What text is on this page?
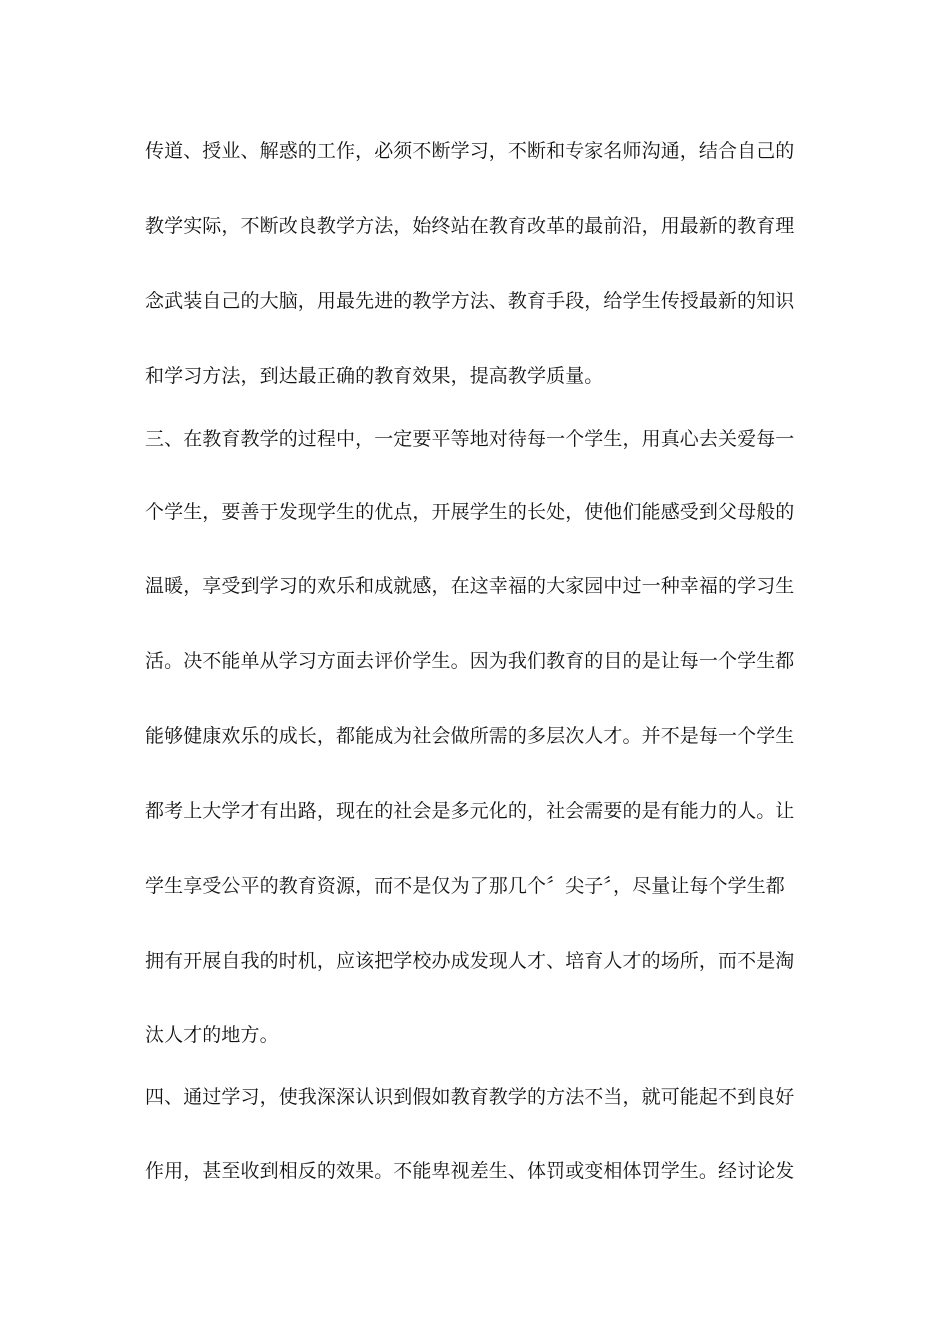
传道、授业、解惑的工作，必须不断学习，不断和专家名师沟通，结合自己的
教学实际，不断改良教学方法，始终站在教育改革的最前沿，用最新的教育理
念武装自己的大脑，用最先进的教学方法、教育手段，给学生传授最新的知识
和学习方法，到达最正确的教育效果，提高教学质量。
三、在教育教学的过程中，一定要平等地对待每一个学生，用真心去关爱每一
个学生，要善于发现学生的优点，开展学生的长处，使他们能感受到父母般的
温暖，享受到学习的欢乐和成就感，在这幸福的大家园中过一种幸福的学习生
活。决不能单从学习方面去评价学生。因为我们教育的目的是让每一个学生都
能够健康欢乐的成长，都能成为社会做所需的多层次人才。并不是每一个学生
都考上大学才有出路，现在的社会是多元化的，社会需要的是有能力的人。让
学生享受公平的教育资源，而不是仅为了那几个〞尖子〞，尽量让每个学生都
拥有开展自我的时机，应该把学校办成发现人才、培育人才的场所，而不是淘
汰人才的地方。
四、通过学习，使我深深认识到假如教育教学的方法不当，就可能起不到良好
作用，甚至收到相反的效果。不能卑视差生、体罚或变相体罚学生。经讨论发
